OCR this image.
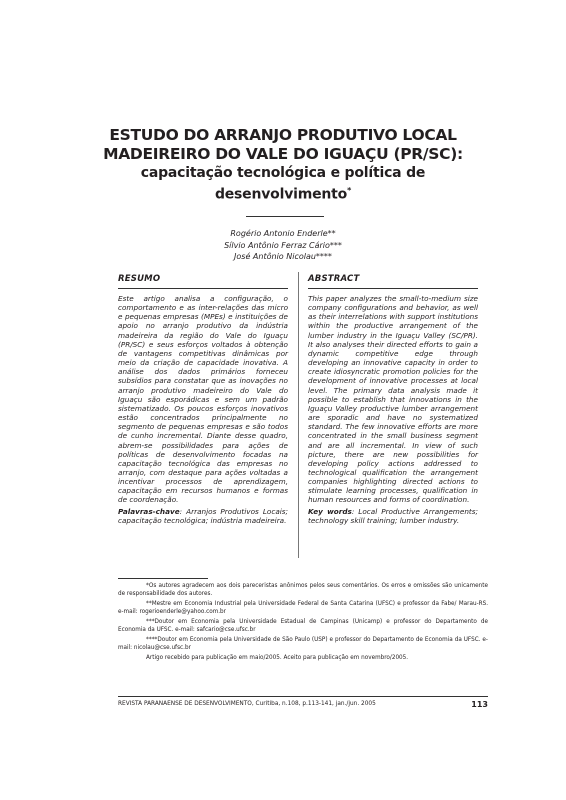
ESTUDO DO ARRANJO PRODUTIVO LOCAL
MADEIREIRO DO VALE DO IGUAÇU (PR/SC):
capacitação tecnológica e política de
desenvolvimento*
Rogério Antonio Enderle**
Sílvio Antônio Ferraz Cário***
José Antônio Nicolau****
RESUMO

Este artigo analisa a configuração, o comportamento e as inter-relações das micro e pequenas empresas (MPEs) e instituições de apoio no arranjo produtivo da indústria madeireira da região do Vale do Iguaçu (PR/SC) e seus esforços voltados à obtenção de vantagens competitivas dinâmicas por meio da criação de capacidade inovativa. A análise dos dados primários forneceu subsídios para constatar que as inovações no arranjo produtivo madeireiro do Vale do Iguaçu são esporádicas e sem um padrão sistematizado. Os poucos esforços inovativos estão concentrados principalmente no segmento de pequenas empresas e são todos de cunho incremental. Diante desse quadro, abrem-se possibilidades para ações de políticas de desenvolvimento focadas na capacitação tecnológica das empresas no arranjo, com destaque para ações voltadas a incentivar processos de aprendizagem, capacitação em recursos humanos e formas de coordenação.

Palavras-chave: Arranjos Produtivos Locais; capacitação tecnológica; indústria madeireira.

ABSTRACT

This paper analyzes the small-to-medium size company configurations and behavior, as well as their interrelations with support institutions within the productive arrangement of the lumber industry in the Iguaçu Valley (SC/PR). It also analyses their directed efforts to gain a dynamic competitive edge through developing an innovative capacity in order to create idiosyncratic promotion policies for the development of innovative processes at local level. The primary data analysis made it possible to establish that innovations in the Iguaçu Valley productive lumber arrangement are sporadic and have no systematized standard. The few innovative efforts are more concentrated in the small business segment and are all incremental. In view of such picture, there are new possibilities for developing policy actions addressed to technological qualification the arrangement companies highlighting directed actions to stimulate learning processes, qualification in human resources and forms of coordination.

Key words: Local Productive Arrangements; technology skill training; lumber industry.

*Os autores agradecem aos dois pareceristas anônimos pelos seus comentários. Os erros e omissões são unicamente de responsabilidade dos autores.

**Mestre em Economia Industrial pela Universidade Federal de Santa Catarina (UFSC) e professor da Fabe/ Marau-RS. e-mail: rogerioenderle@yahoo.com.br

***Doutor em Economia pela Universidade Estadual de Campinas (Unicamp) e professor do Departamento de Economia da UFSC. e-mail: safcario@cse.ufsc.br

****Doutor em Economia pela Universidade de São Paulo (USP) e professor do Departamento de Economia da UFSC. e-mail: nicolau@cse.ufsc.br

Artigo recebido para publicação em maio/2005. Aceito para publicação em novembro/2005.

REVISTA PARANAENSE DE DESENVOLVIMENTO, Curitiba, n.108, p.113-141, jan./jun. 2005	113
